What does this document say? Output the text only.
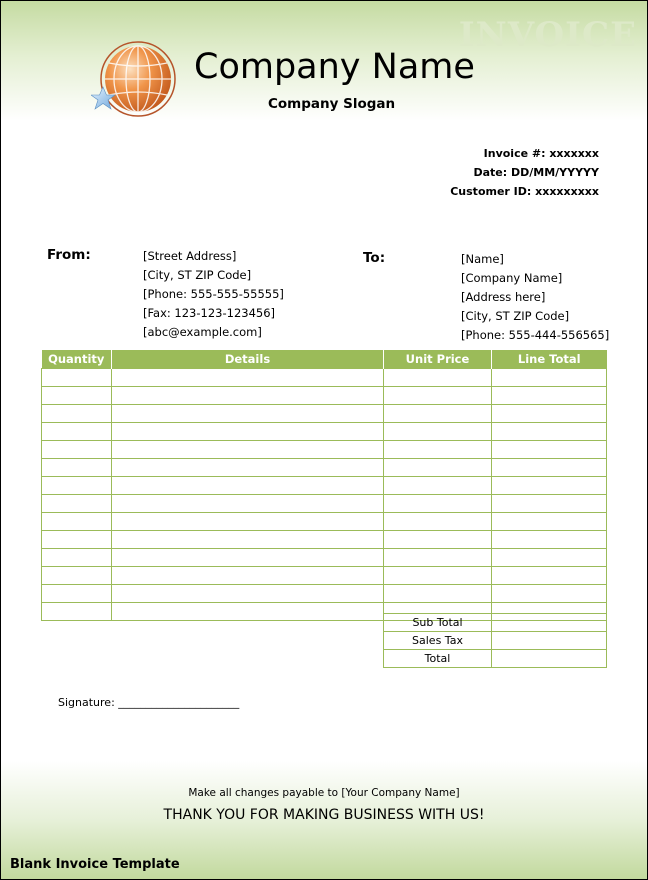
INVOICE
Company Name
Company Slogan
Invoice #: xxxxxxx
Date: DD/MM/YYYYY
Customer ID: xxxxxxxxx
From:	[Street Address]
[City, ST ZIP Code]
[Phone: 555-555-55555]
[Fax: 123-123-123456]
[abc@example.com]
To:	[Name]
[Company Name]
[Address here]
[City, ST ZIP Code]
[Phone: 555-444-556565]
Quantity	Details	Unit Price	Line Total

Sub Total	
Sales Tax	
Total	
Signature: ______________________
Make all changes payable to [Your Company Name]
THANK YOU FOR MAKING BUSINESS WITH US!
Blank Invoice Template
